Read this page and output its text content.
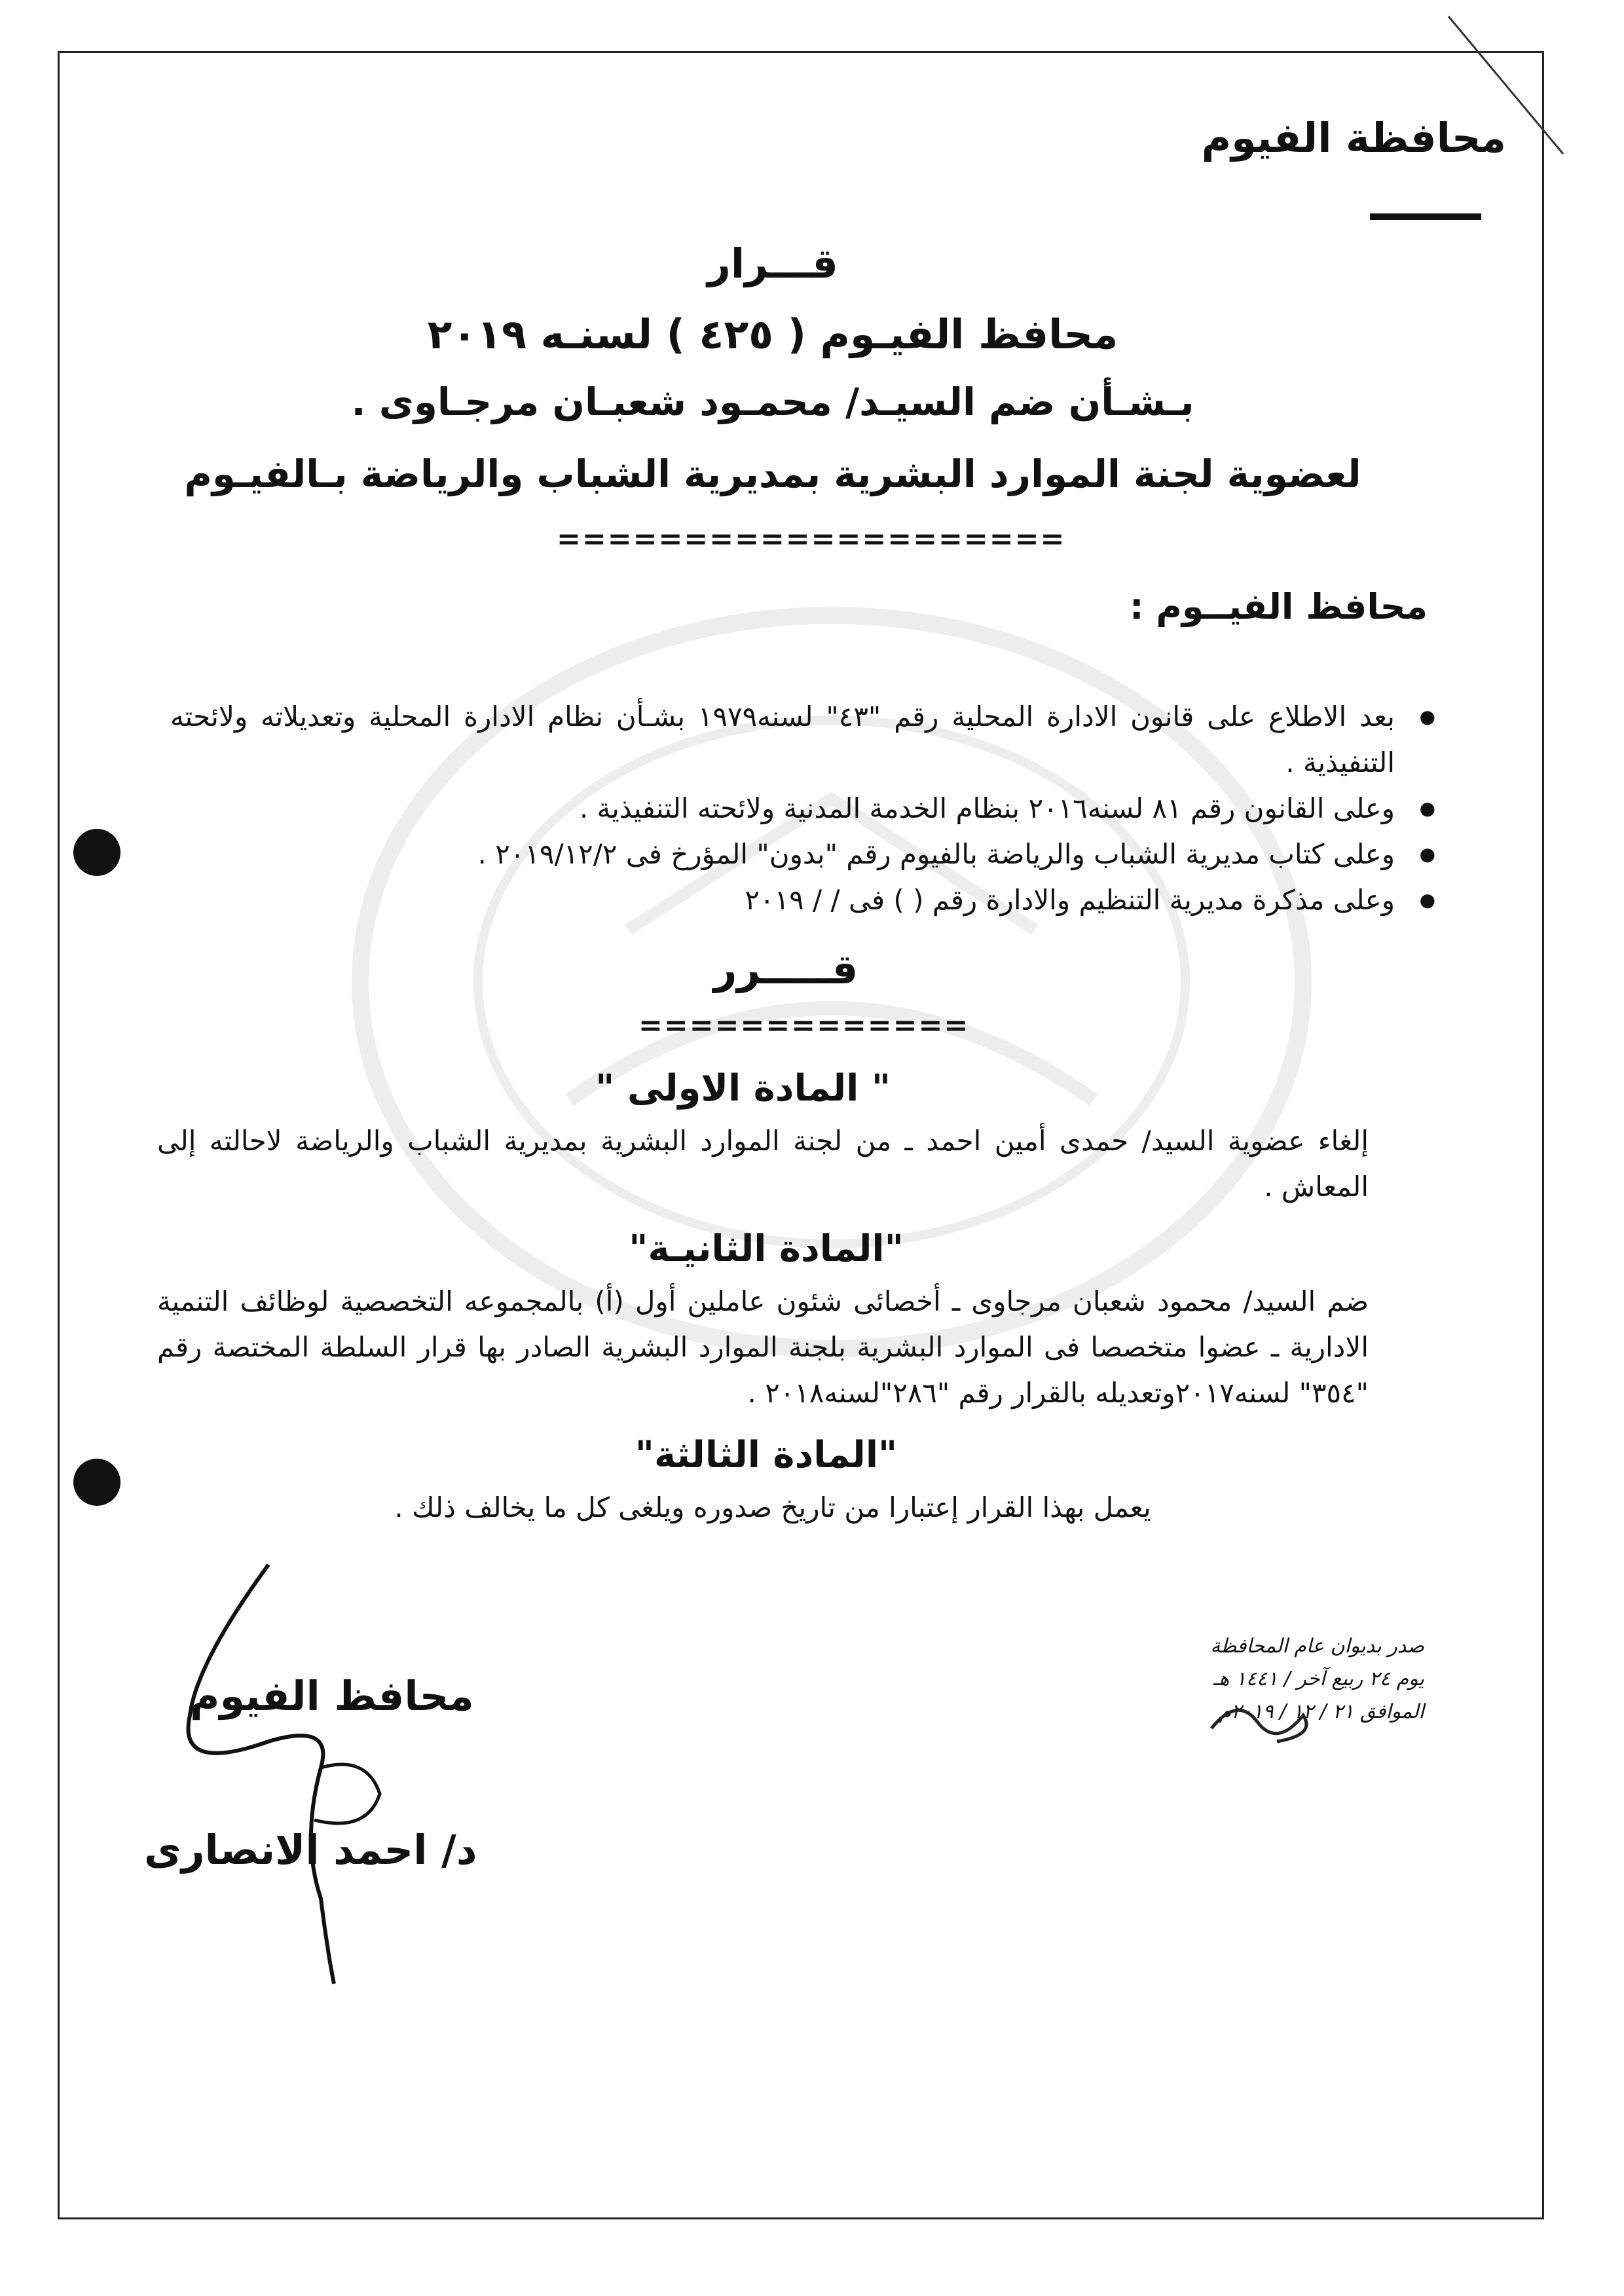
محافظة الفيوم
قـــرار
محافظ الفيـوم ( ٤٢٥ ) لسنـه ٢٠١٩
بـشـأن ضم السيـد/ محمـود شعبـان مرجـاوى .
لعضوية لجنة الموارد البشرية بمديرية الشباب والرياضة بـالفيـوم
====================
محافظ الفيــوم :
● بعد الاطلاع على قانون الادارة المحلية رقم "٤٣" لسنه١٩٧٩ بشـأن نظام الادارة المحلية وتعديلاته ولائحته التنفيذية .
● وعلى القانون رقم ٨١ لسنه٢٠١٦ بنظام الخدمة المدنية ولائحته التنفيذية .
● وعلى كتاب مديرية الشباب والرياضة بالفيوم رقم "بدون" المؤرخ فى ٢٠١٩/١٢/٢ .
● وعلى مذكرة مديرية التنظيم والادارة رقم ( ) فى / / ٢٠١٩
قـــــرر
=============
" المادة الاولى "
إلغاء عضوية السيد/ حمدى أمين احمد ـ من لجنة الموارد البشرية بمديرية الشباب والرياضة لاحالته إلى المعاش .
"المادة الثانيـة"
ضم السيد/ محمود شعبان مرجاوى ـ أخصائى شئون عاملين أول (أ) بالمجموعه التخصصية لوظائف التنمية الادارية ـ عضوا متخصصا فى الموارد البشرية بلجنة الموارد البشرية الصادر بها قرار السلطة المختصة رقم "٣٥٤" لسنه٢٠١٧وتعديله بالقرار رقم "٢٨٦"لسنه٢٠١٨ .
"المادة الثالثة"
يعمل بهذا القرار إعتبارا من تاريخ صدوره ويلغى كل ما يخالف ذلك .
صدر بديوان عام المحافظة
يوم ٢٤ ربيع آخر / ١٤٤١ هـ
الموافق ٢١ / ١٢ / ٢٠١٩م
محافظ الفيوم
د/ احمد الانصارى
